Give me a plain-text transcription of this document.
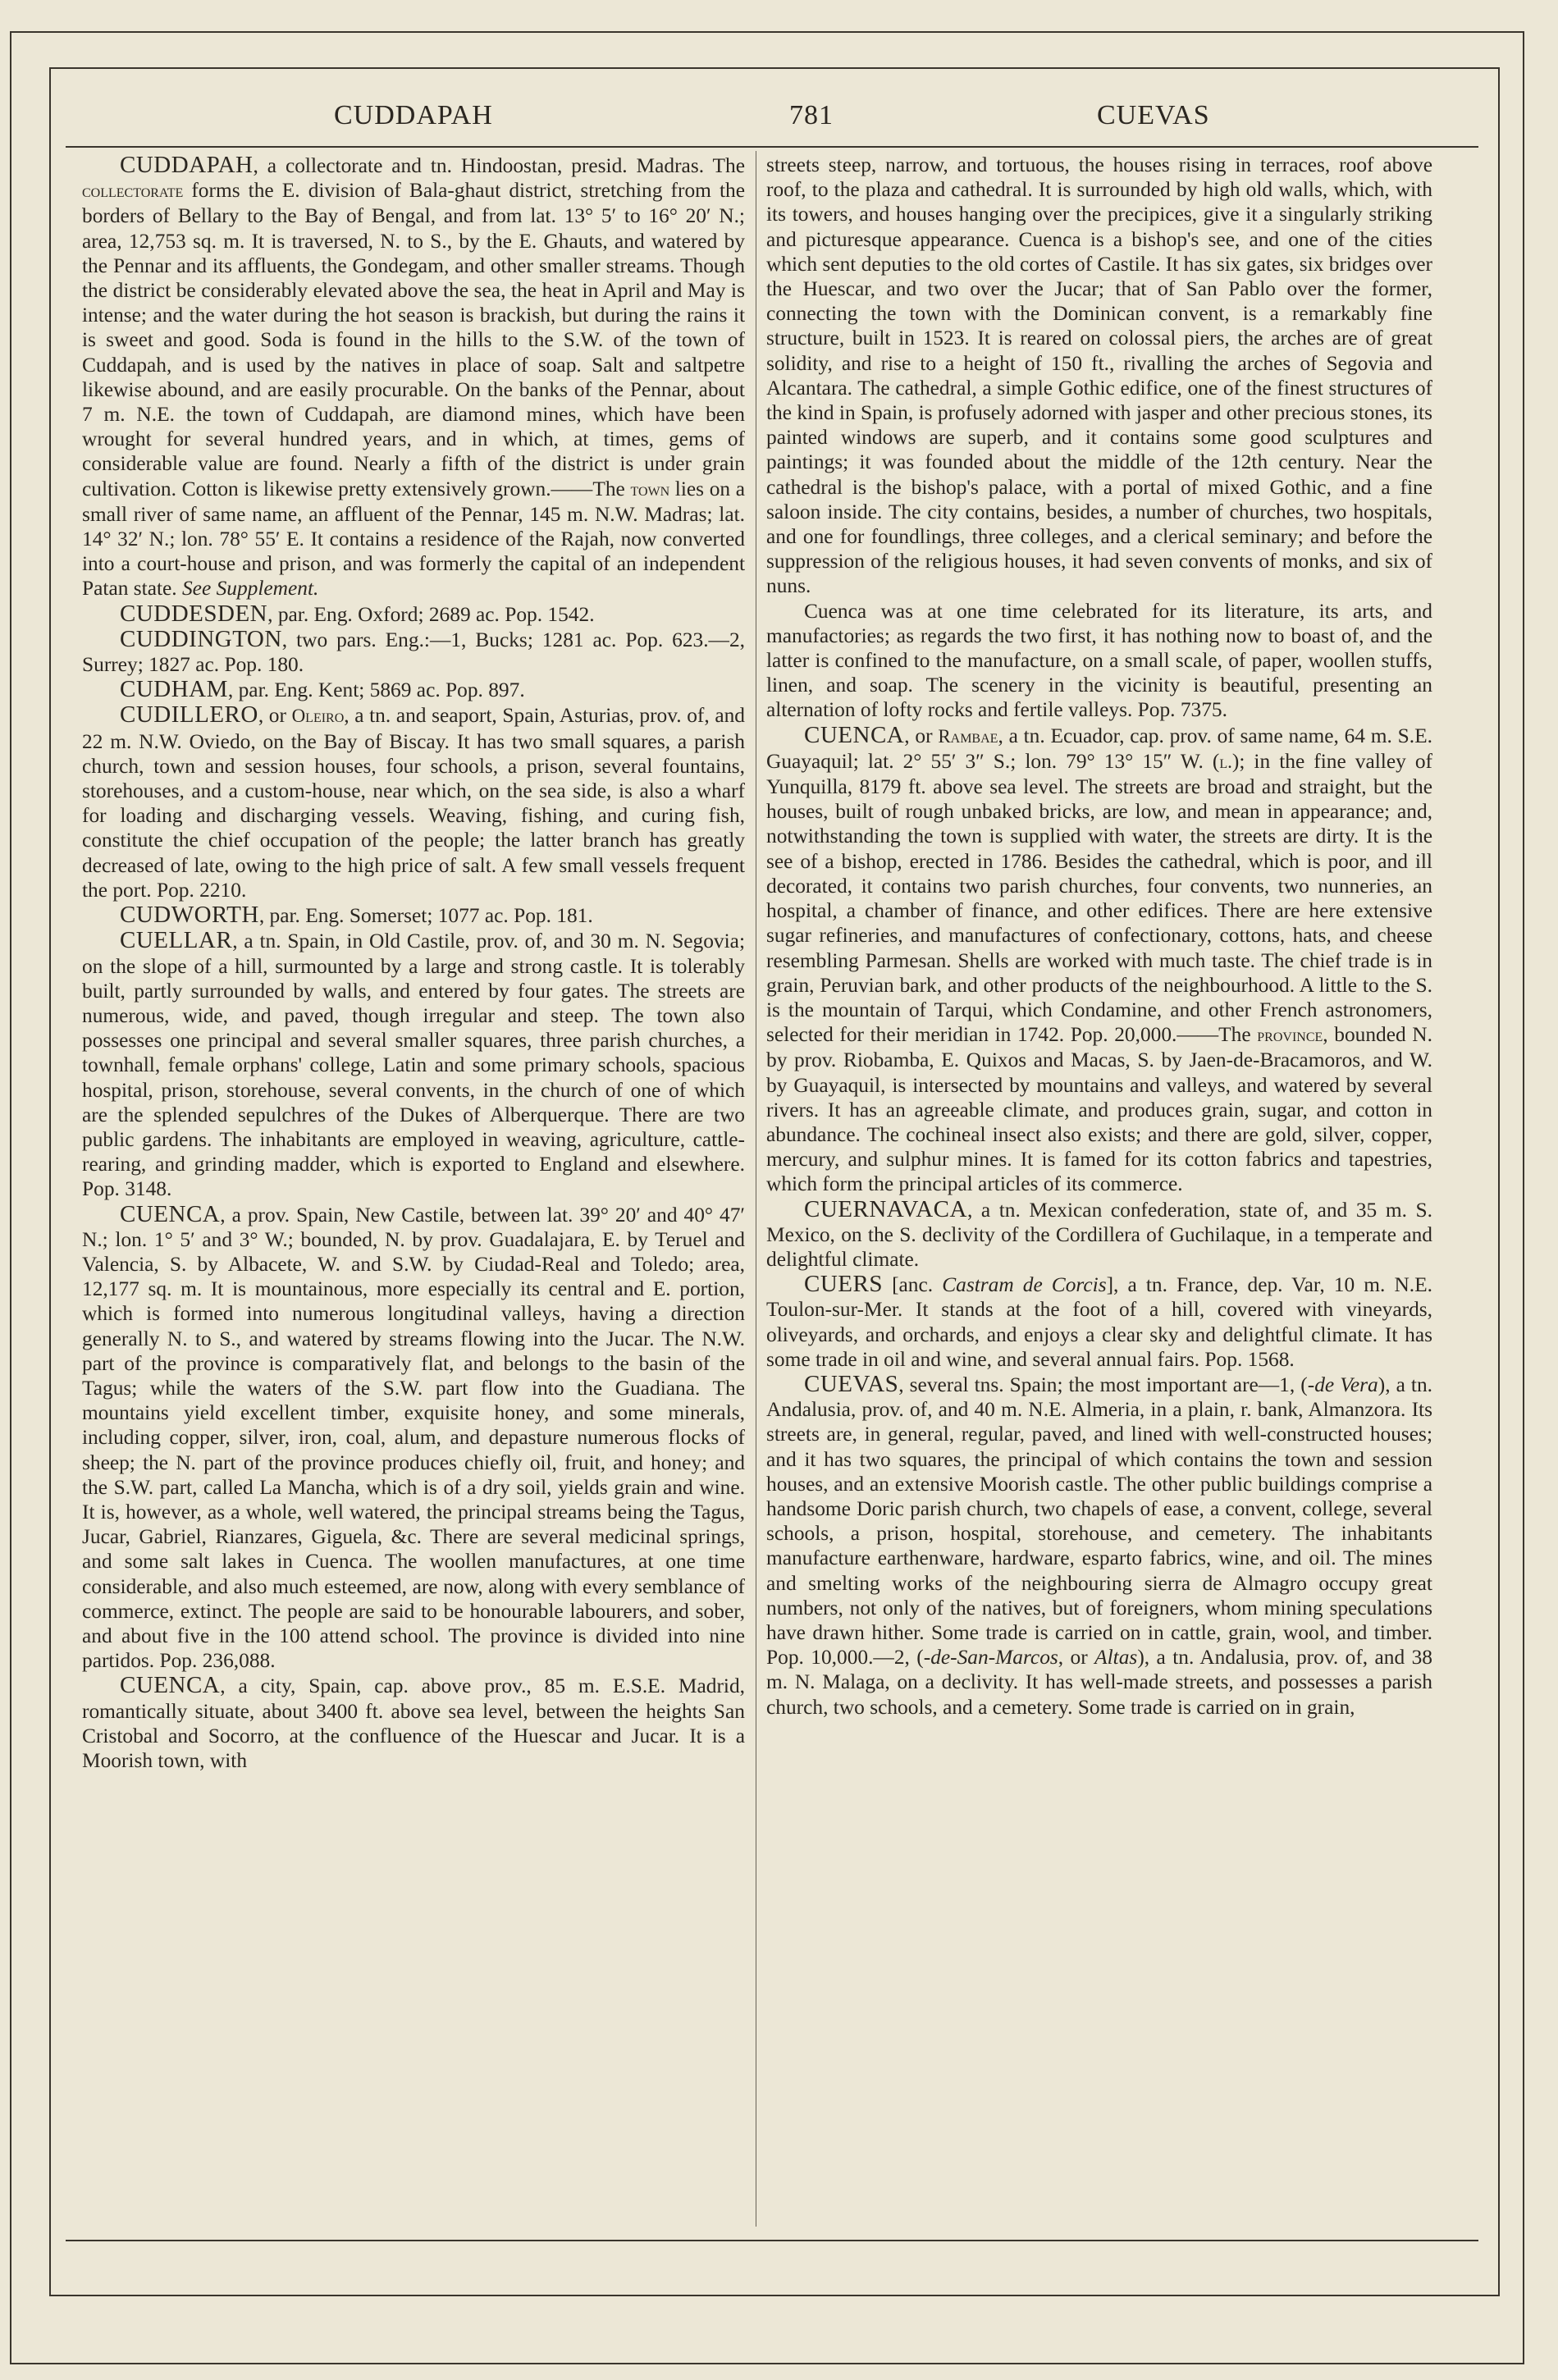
CUDDAPAH	781	CUEVAS

CUDDAPAH, a collectorate and tn. Hindoostan, presid. Madras. The collectorate forms the E. division of Bala-ghaut district, stretching from the borders of Bellary to the Bay of Bengal, and from lat. 13° 5′ to 16° 20′ N.; area, 12,753 sq. m. It is traversed, N. to S., by the E. Ghauts, and watered by the Pennar and its affluents, the Gondegam, and other smaller streams. Though the district be considerably elevated above the sea, the heat in April and May is intense; and the water during the hot season is brackish, but during the rains it is sweet and good. Soda is found in the hills to the S.W. of the town of Cuddapah, and is used by the natives in place of soap. Salt and saltpetre likewise abound, and are easily procurable. On the banks of the Pennar, about 7 m. N.E. the town of Cuddapah, are diamond mines, which have been wrought for several hundred years, and in which, at times, gems of considerable value are found. Nearly a fifth of the district is under grain cultivation. Cotton is likewise pretty extensively grown.——The town lies on a small river of same name, an affluent of the Pennar, 145 m. N.W. Madras; lat. 14° 32′ N.; lon. 78° 55′ E. It contains a residence of the Rajah, now converted into a court-house and prison, and was formerly the capital of an independent Patan state. See Supplement.

CUDDESDEN, par. Eng. Oxford; 2689 ac. Pop. 1542.

CUDDINGTON, two pars. Eng.:—1, Bucks; 1281 ac. Pop. 623.—2, Surrey; 1827 ac. Pop. 180.

CUDHAM, par. Eng. Kent; 5869 ac. Pop. 897.

CUDILLERO, or Oleiro, a tn. and seaport, Spain, Asturias, prov. of, and 22 m. N.W. Oviedo, on the Bay of Biscay. It has two small squares, a parish church, town and session houses, four schools, a prison, several fountains, storehouses, and a custom-house, near which, on the sea side, is also a wharf for loading and discharging vessels. Weaving, fishing, and curing fish, constitute the chief occupation of the people; the latter branch has greatly decreased of late, owing to the high price of salt. A few small vessels frequent the port. Pop. 2210.

CUDWORTH, par. Eng. Somerset; 1077 ac. Pop. 181.

CUELLAR, a tn. Spain, in Old Castile, prov. of, and 30 m. N. Segovia; on the slope of a hill, surmounted by a large and strong castle. It is tolerably built, partly surrounded by walls, and entered by four gates. The streets are numerous, wide, and paved, though irregular and steep. The town also possesses one principal and several smaller squares, three parish churches, a townhall, female orphans' college, Latin and some primary schools, spacious hospital, prison, storehouse, several convents, in the church of one of which are the splended sepulchres of the Dukes of Alberquerque. There are two public gardens. The inhabitants are employed in weaving, agriculture, cattle-rearing, and grinding madder, which is exported to England and elsewhere. Pop. 3148.

CUENCA, a prov. Spain, New Castile, between lat. 39° 20′ and 40° 47′ N.; lon. 1° 5′ and 3° W.; bounded, N. by prov. Guadalajara, E. by Teruel and Valencia, S. by Albacete, W. and S.W. by Ciudad-Real and Toledo; area, 12,177 sq. m. It is mountainous, more especially its central and E. portion, which is formed into numerous longitudinal valleys, having a direction generally N. to S., and watered by streams flowing into the Jucar. The N.W. part of the province is comparatively flat, and belongs to the basin of the Tagus; while the waters of the S.W. part flow into the Guadiana. The mountains yield excellent timber, exquisite honey, and some minerals, including copper, silver, iron, coal, alum, and depasture numerous flocks of sheep; the N. part of the province produces chiefly oil, fruit, and honey; and the S.W. part, called La Mancha, which is of a dry soil, yields grain and wine. It is, however, as a whole, well watered, the principal streams being the Tagus, Jucar, Gabriel, Rianzares, Giguela, &c. There are several medicinal springs, and some salt lakes in Cuenca. The woollen manufactures, at one time considerable, and also much esteemed, are now, along with every semblance of commerce, extinct. The people are said to be honourable labourers, and sober, and about five in the 100 attend school. The province is divided into nine partidos. Pop. 236,088.

CUENCA, a city, Spain, cap. above prov., 85 m. E.S.E. Madrid, romantically situate, about 3400 ft. above sea level, between the heights San Cristobal and Socorro, at the confluence of the Huescar and Jucar. It is a Moorish town, with

streets steep, narrow, and tortuous, the houses rising in terraces, roof above roof, to the plaza and cathedral. It is surrounded by high old walls, which, with its towers, and houses hanging over the precipices, give it a singularly striking and picturesque appearance. Cuenca is a bishop's see, and one of the cities which sent deputies to the old cortes of Castile. It has six gates, six bridges over the Huescar, and two over the Jucar; that of San Pablo over the former, connecting the town with the Dominican convent, is a remarkably fine structure, built in 1523. It is reared on colossal piers, the arches are of great solidity, and rise to a height of 150 ft., rivalling the arches of Segovia and Alcantara. The cathedral, a simple Gothic edifice, one of the finest structures of the kind in Spain, is profusely adorned with jasper and other precious stones, its painted windows are superb, and it contains some good sculptures and paintings; it was founded about the middle of the 12th century. Near the cathedral is the bishop's palace, with a portal of mixed Gothic, and a fine saloon inside. The city contains, besides, a number of churches, two hospitals, and one for foundlings, three colleges, and a clerical seminary; and before the suppression of the religious houses, it had seven convents of monks, and six of nuns.

Cuenca was at one time celebrated for its literature, its arts, and manufactories; as regards the two first, it has nothing now to boast of, and the latter is confined to the manufacture, on a small scale, of paper, woollen stuffs, linen, and soap. The scenery in the vicinity is beautiful, presenting an alternation of lofty rocks and fertile valleys. Pop. 7375.

CUENCA, or Rambae, a tn. Ecuador, cap. prov. of same name, 64 m. S.E. Guayaquil; lat. 2° 55′ 3″ S.; lon. 79° 13° 15″ W. (l.); in the fine valley of Yunquilla, 8179 ft. above sea level. The streets are broad and straight, but the houses, built of rough unbaked bricks, are low, and mean in appearance; and, notwithstanding the town is supplied with water, the streets are dirty. It is the see of a bishop, erected in 1786. Besides the cathedral, which is poor, and ill decorated, it contains two parish churches, four convents, two nunneries, an hospital, a chamber of finance, and other edifices. There are here extensive sugar refineries, and manufactures of confectionary, cottons, hats, and cheese resembling Parmesan. Shells are worked with much taste. The chief trade is in grain, Peruvian bark, and other products of the neighbourhood. A little to the S. is the mountain of Tarqui, which Condamine, and other French astronomers, selected for their meridian in 1742. Pop. 20,000.——The province, bounded N. by prov. Riobamba, E. Quixos and Macas, S. by Jaen-de-Bracamoros, and W. by Guayaquil, is intersected by mountains and valleys, and watered by several rivers. It has an agreeable climate, and produces grain, sugar, and cotton in abundance. The cochineal insect also exists; and there are gold, silver, copper, mercury, and sulphur mines. It is famed for its cotton fabrics and tapestries, which form the principal articles of its commerce.

CUERNAVACA, a tn. Mexican confederation, state of, and 35 m. S. Mexico, on the S. declivity of the Cordillera of Guchilaque, in a temperate and delightful climate.

CUERS [anc. Castram de Corcis], a tn. France, dep. Var, 10 m. N.E. Toulon-sur-Mer. It stands at the foot of a hill, covered with vineyards, oliveyards, and orchards, and enjoys a clear sky and delightful climate. It has some trade in oil and wine, and several annual fairs. Pop. 1568.

CUEVAS, several tns. Spain; the most important are—1, (-de Vera), a tn. Andalusia, prov. of, and 40 m. N.E. Almeria, in a plain, r. bank, Almanzora. Its streets are, in general, regular, paved, and lined with well-constructed houses; and it has two squares, the principal of which contains the town and session houses, and an extensive Moorish castle. The other public buildings comprise a handsome Doric parish church, two chapels of ease, a convent, college, several schools, a prison, hospital, storehouse, and cemetery. The inhabitants manufacture earthenware, hardware, esparto fabrics, wine, and oil. The mines and smelting works of the neighbouring sierra de Almagro occupy great numbers, not only of the natives, but of foreigners, whom mining speculations have drawn hither. Some trade is carried on in cattle, grain, wool, and timber. Pop. 10,000.—2, (-de-San-Marcos, or Altas), a tn. Andalusia, prov. of, and 38 m. N. Malaga, on a declivity. It has well-made streets, and possesses a parish church, two schools, and a cemetery. Some trade is carried on in grain,
